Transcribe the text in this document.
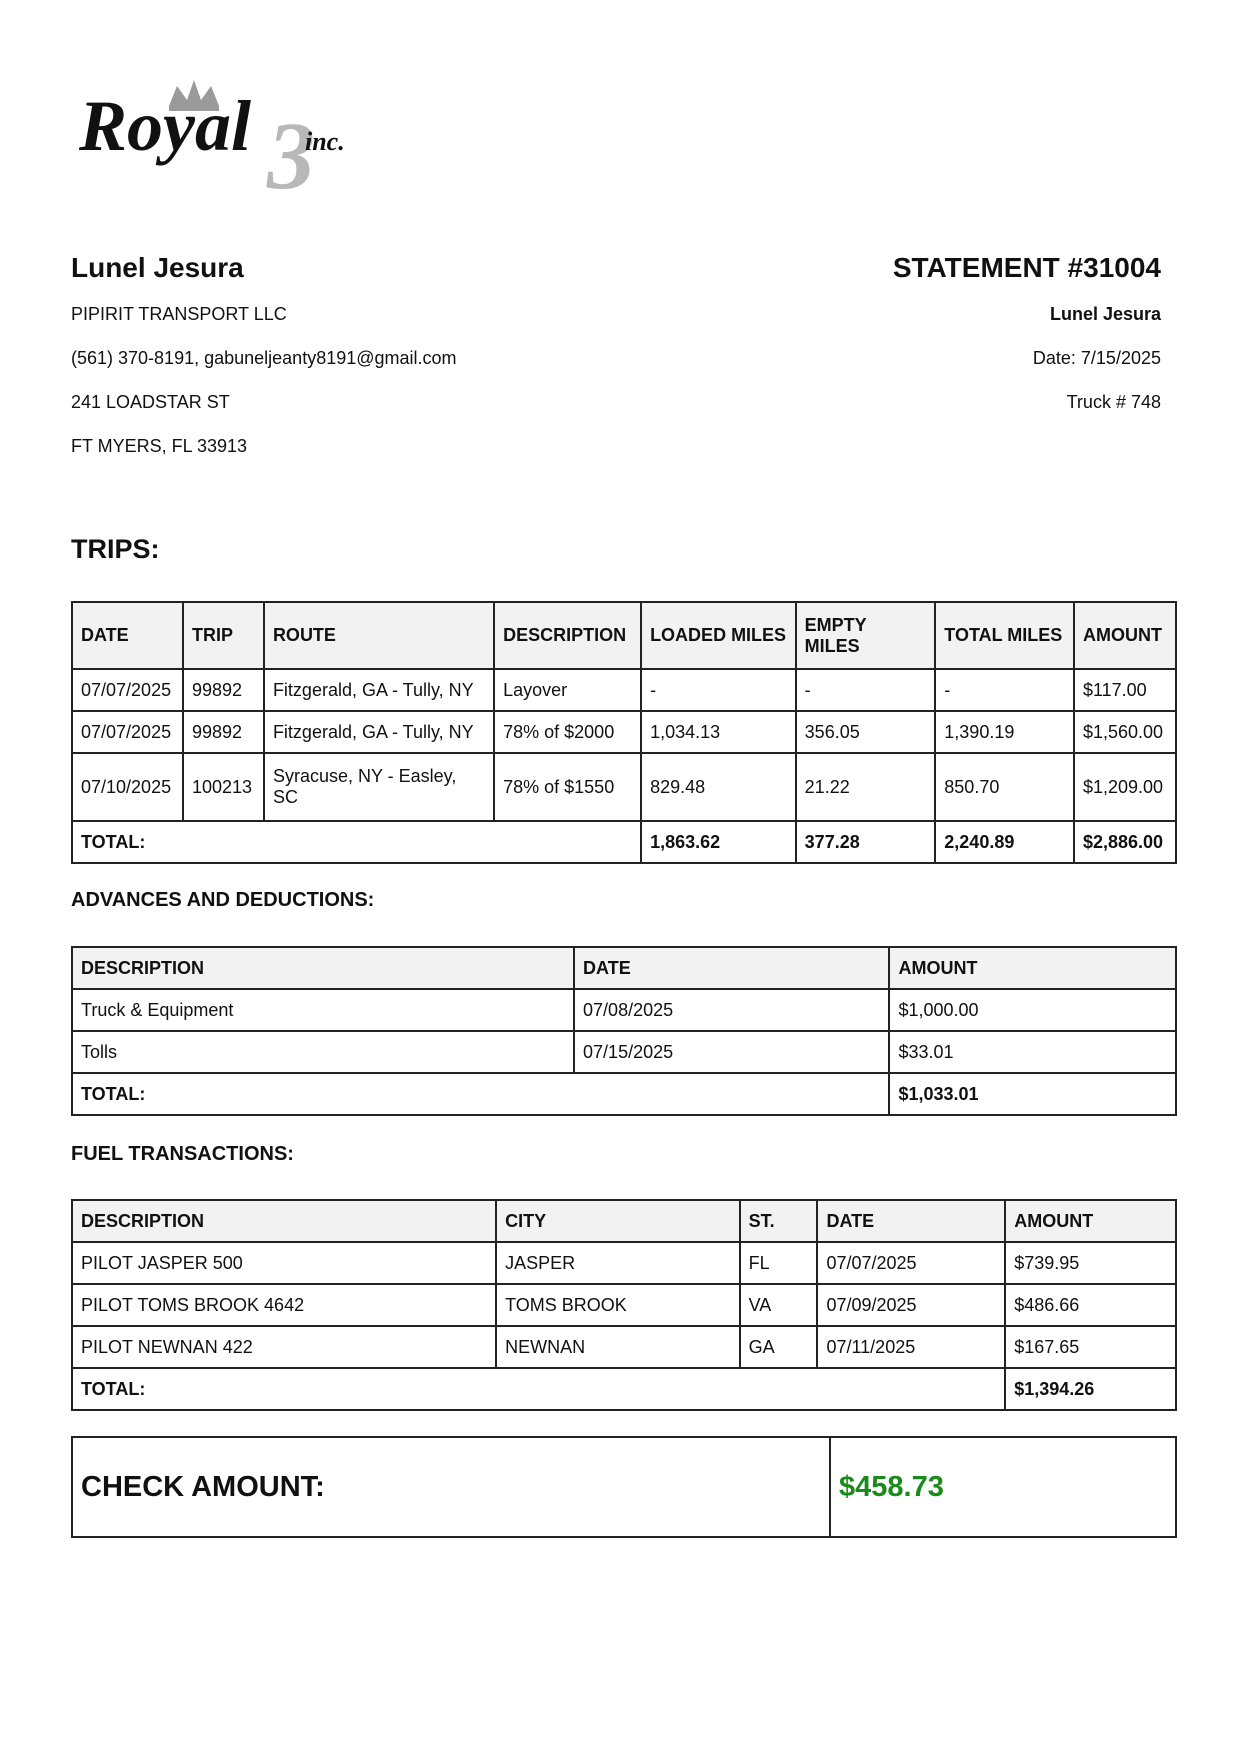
3
Royal inc.
Lunel Jesura
PIPIRIT TRANSPORT LLC
(561) 370-8191, gabuneljeanty8191@gmail.com
241 LOADSTAR ST
FT MYERS, FL 33913
STATEMENT #31004
Lunel Jesura
Date: 7/15/2025
Truck # 748
TRIPS:
DATE	TRIP	ROUTE	DESCRIPTION	LOADED MILES	EMPTY MILES	TOTAL MILES	AMOUNT
07/07/2025	99892	Fitzgerald, GA - Tully, NY	Layover	-	-	-	$117.00
07/07/2025	99892	Fitzgerald, GA - Tully, NY	78% of $2000	1,034.13	356.05	1,390.19	$1,560.00
07/10/2025	100213	Syracuse, NY - Easley, SC	78% of $1550	829.48	21.22	850.70	$1,209.00
TOTAL:				1,863.62	377.28	2,240.89	$2,886.00
ADVANCES AND DEDUCTIONS:
DESCRIPTION	DATE	AMOUNT
Truck & Equipment	07/08/2025	$1,000.00
Tolls	07/15/2025	$33.01
TOTAL:		$1,033.01
FUEL TRANSACTIONS:
DESCRIPTION	CITY	ST.	DATE	AMOUNT
PILOT JASPER 500	JASPER	FL	07/07/2025	$739.95
PILOT TOMS BROOK 4642	TOMS BROOK	VA	07/09/2025	$486.66
PILOT NEWNAN 422	NEWNAN	GA	07/11/2025	$167.65
TOTAL:				$1,394.26
CHECK AMOUNT:	$458.73
